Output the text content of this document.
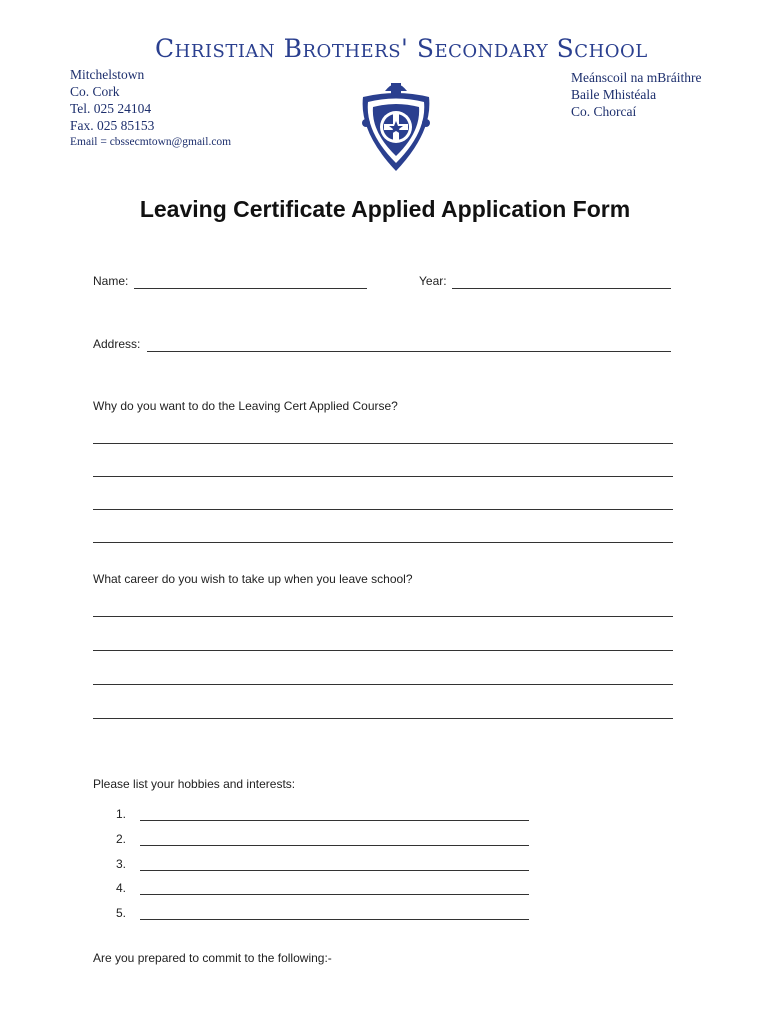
Christian Brothers' Secondary School
Mitchelstown
Co. Cork
Tel. 025 24104
Fax. 025 85153
Email = cbssecmtown@gmail.com
Meánscoil na mBráithre
Baile Mhistéala
Co. Chorcaí
Leaving Certificate Applied Application Form
Name:	Year:
Address:
Why do you want to do the Leaving Cert Applied Course?
What career do you wish to take up when you leave school?
Please list your hobbies and interests:
1.
2.
3.
4.
5.
Are you prepared to commit to the following:-
